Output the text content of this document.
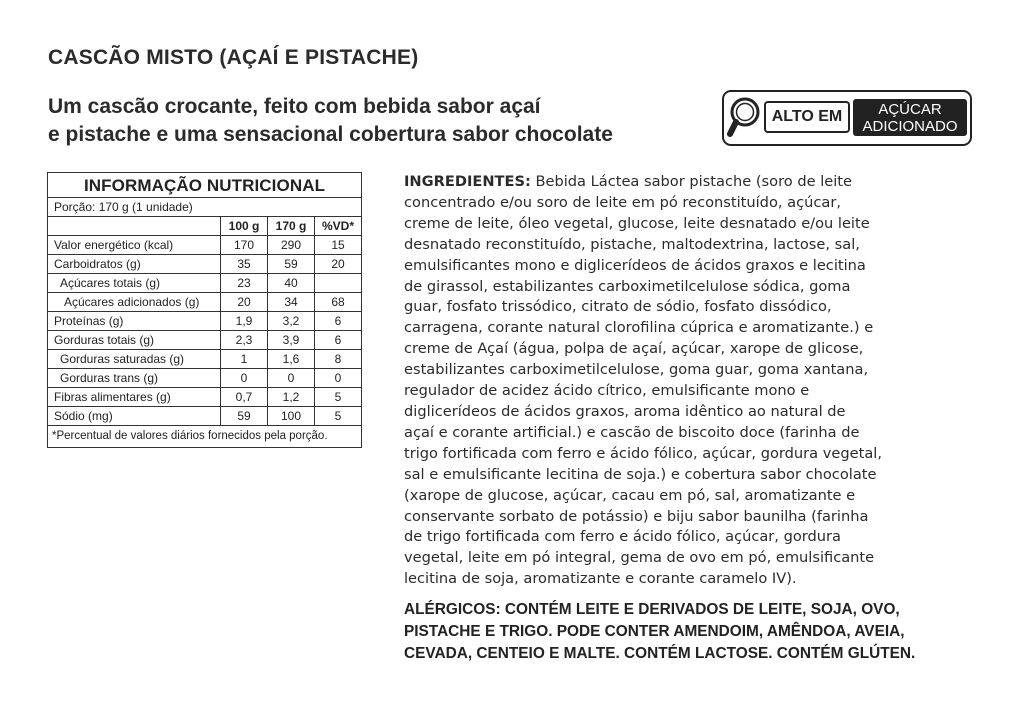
CASCÃO MISTO (AÇAÍ E PISTACHE)
Um cascão crocante, feito com bebida sabor açaí
e pistache e uma sensacional cobertura sabor chocolate
ALTO EM	AÇÚCAR
ADICIONADO
INFORMAÇÃO NUTRICIONAL
Porção: 170 g (1 unidade)
	100 g	170 g	%VD*
Valor energético (kcal)	170	290	15
Carboidratos (g)	35	59	20
Açúcares totais (g)	23	40	
Açúcares adicionados (g)	20	34	68
Proteínas (g)	1,9	3,2	6
Gorduras totais (g)	2,3	3,9	6
Gorduras saturadas (g)	1	1,6	8
Gorduras trans (g)	0	0	0
Fibras alimentares (g)	0,7	1,2	5
Sódio (mg)	59	100	5
*Percentual de valores diários fornecidos pela porção.
INGREDIENTES: Bebida Láctea sabor pistache (soro de leite
concentrado e/ou soro de leite em pó reconstituído, açúcar,
creme de leite, óleo vegetal, glucose, leite desnatado e/ou leite
desnatado reconstituído, pistache, maltodextrina, lactose, sal,
emulsificantes mono e diglicerídeos de ácidos graxos e lecitina
de girassol, estabilizantes carboximetilcelulose sódica, goma
guar, fosfato trissódico, citrato de sódio, fosfato dissódico,
carragena, corante natural clorofilina cúprica e aromatizante.) e
creme de Açaí (água, polpa de açaí, açúcar, xarope de glicose,
estabilizantes carboximetilcelulose, goma guar, goma xantana,
regulador de acidez ácido cítrico, emulsificante mono e
diglicerídeos de ácidos graxos, aroma idêntico ao natural de
açaí e corante artificial.) e cascão de biscoito doce (farinha de
trigo fortificada com ferro e ácido fólico, açúcar, gordura vegetal,
sal e emulsificante lecitina de soja.) e cobertura sabor chocolate
(xarope de glucose, açúcar, cacau em pó, sal, aromatizante e
conservante sorbato de potássio) e biju sabor baunilha (farinha
de trigo fortificada com ferro e ácido fólico, açúcar, gordura
vegetal, leite em pó integral, gema de ovo em pó, emulsificante
lecitina de soja, aromatizante e corante caramelo IV).
ALÉRGICOS: CONTÉM LEITE E DERIVADOS DE LEITE, SOJA, OVO,
PISTACHE E TRIGO. PODE CONTER AMENDOIM, AMÊNDOA, AVEIA,
CEVADA, CENTEIO E MALTE. CONTÉM LACTOSE. CONTÉM GLÚTEN.
